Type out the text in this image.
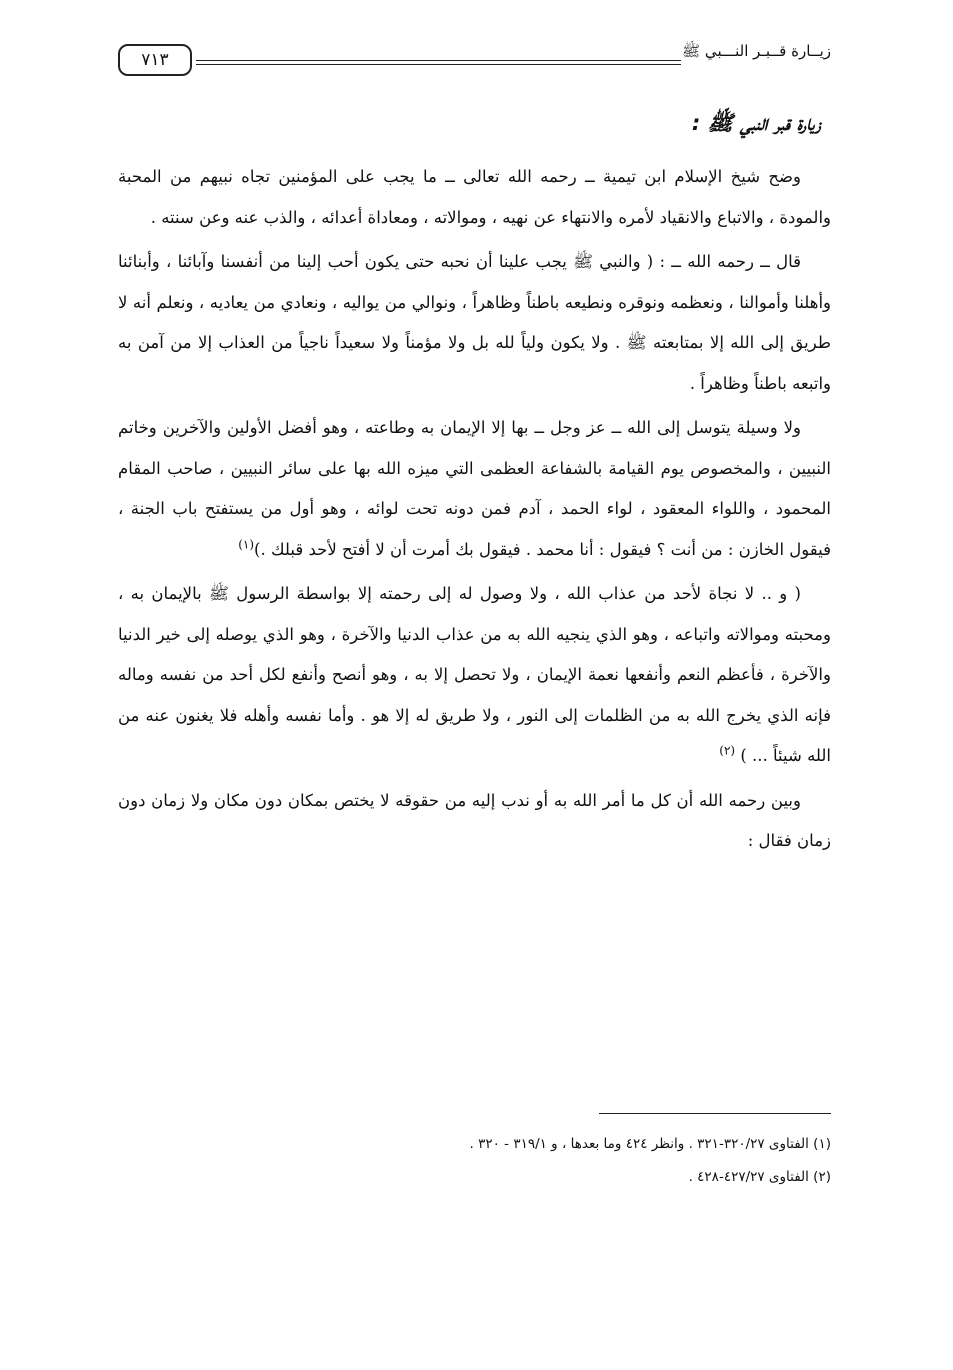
زيــارة قــبـر النـــبي ﷺ
٧١٣
زيارة قبر النبي ﷺ :

وضح شيخ الإسلام ابن تيمية ــ رحمه الله تعالى ــ ما يجب على المؤمنين تجاه نبيهم من المحبة والمودة ، والاتباع والانقياد لأمره والانتهاء عن نهيه ، وموالاته ، ومعاداة أعدائه ، والذب عنه وعن سنته .

قال ــ رحمه الله ــ : ( والنبي ﷺ يجب علينا أن نحبه حتى يكون أحب إلينا من أنفسنا وآبائنا ، وأبنائنا وأهلنا وأموالنا ، ونعظمه ونوقره ونطيعه باطناً وظاهراً ، ونوالي من يواليه ، ونعادي من يعاديه ، ونعلم أنه لا طريق إلى الله إلا بمتابعته ﷺ . ولا يكون ولياً لله بل ولا مؤمناً ولا سعيداً ناجياً من العذاب إلا من آمن به واتبعه باطناً وظاهراً .

ولا وسيلة يتوسل إلى الله ــ عز وجل ــ بها إلا الإيمان به وطاعته ، وهو أفضل الأولين والآخرين وخاتم النبيين ، والمخصوص يوم القيامة بالشفاعة العظمى التي ميزه الله بها على سائر النبيين ، صاحب المقام المحمود ، واللواء المعقود ، لواء الحمد ، آدم فمن دونه تحت لوائه ، وهو أول من يستفتح باب الجنة ، فيقول الخازن : من أنت ؟ فيقول : أنا محمد . فيقول بك أمرت أن لا أفتح لأحد قبلك .)$^{(١)}$

( و .. لا نجاة لأحد من عذاب الله ، ولا وصول له إلى رحمته إلا بواسطة الرسول ﷺ بالإيمان به ، ومحبته وموالاته واتباعه ، وهو الذي ينجيه الله به من عذاب الدنيا والآخرة ، وهو الذي يوصله إلى خير الدنيا والآخرة ، فأعظم النعم وأنفعها نعمة الإيمان ، ولا تحصل إلا به ، وهو أنصح وأنفع لكل أحد من نفسه وماله فإنه الذي يخرج الله به من الظلمات إلى النور ، ولا طريق له إلا هو . وأما نفسه وأهله فلا يغنون عنه من الله شيئاً ... ) $^{(٢)}$

وبين رحمه الله أن كل ما أمر الله به أو ندب إليه من حقوقه لا يختص بمكان دون مكان ولا زمان دون زمان فقال :

(١) الفتاوى ٣٢٠/٢٧-٣٢١ . وانظر ٤٢٤ وما بعدها ، و ٣١٩/١ - ٣٢٠ .
(٢) الفتاوى ٤٢٧/٢٧-٤٢٨ .
